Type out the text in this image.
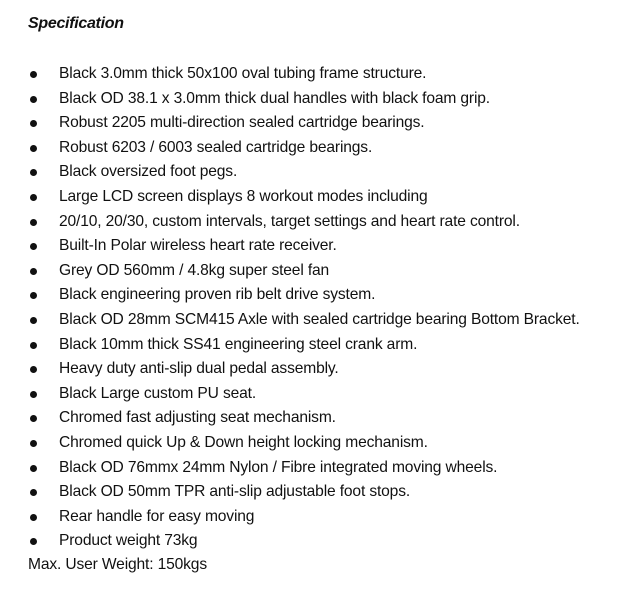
Specification
Black 3.0mm thick 50x100 oval tubing frame structure.
Black OD 38.1 x 3.0mm thick dual handles with black foam grip.
Robust 2205 multi-direction sealed cartridge bearings.
Robust 6203 / 6003 sealed cartridge bearings.
Black oversized foot pegs.
Large LCD screen displays 8 workout modes including
20/10, 20/30, custom intervals, target settings and heart rate control.
Built-In Polar wireless heart rate receiver.
Grey OD 560mm / 4.8kg super steel fan
Black engineering proven rib belt drive system.
Black OD 28mm SCM415 Axle with sealed cartridge bearing Bottom Bracket.
Black 10mm thick SS41 engineering steel crank arm.
Heavy duty anti-slip dual pedal assembly.
Black Large custom PU seat.
Chromed fast adjusting seat mechanism.
Chromed quick Up & Down height locking mechanism.
Black OD 76mmx 24mm Nylon / Fibre integrated moving wheels.
Black OD 50mm TPR anti-slip adjustable foot stops.
Rear handle for easy moving
Product weight 73kg

Max. User Weight: 150kgs
